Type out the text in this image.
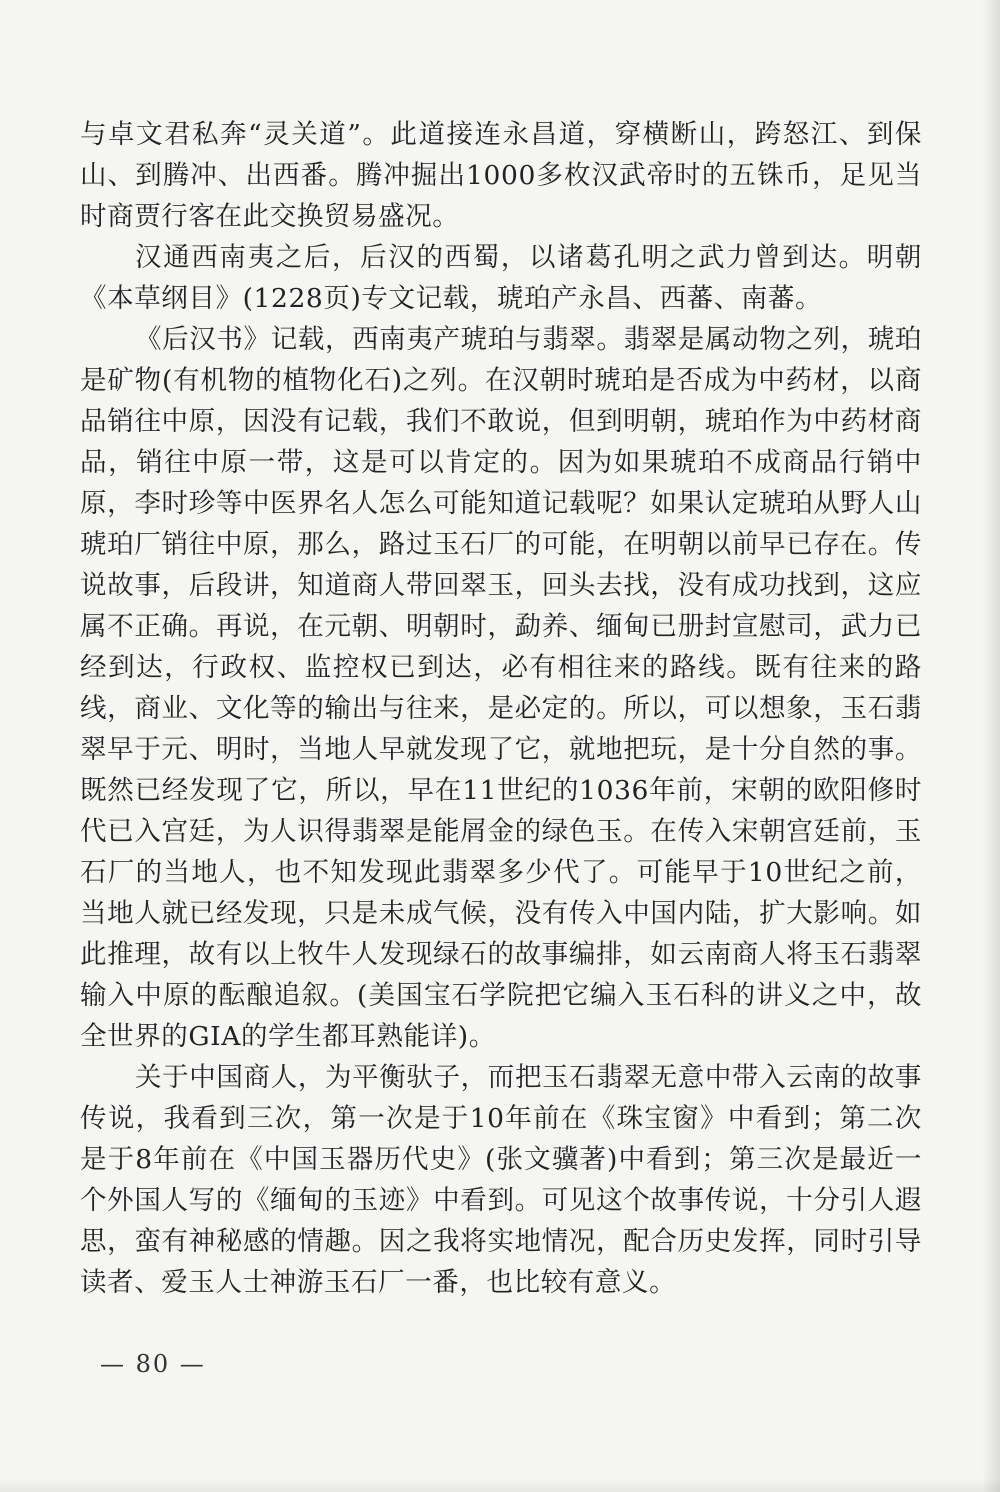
与卓文君私奔“灵关道”。此道接连永昌道，穿横断山，跨怒江、到保山、到腾冲、出西番。腾冲掘出1000多枚汉武帝时的五铢币，足见当时商贾行客在此交换贸易盛况。

汉通西南夷之后，后汉的西蜀，以诸葛孔明之武力曾到达。明朝《本草纲目》(1228页)专文记载，琥珀产永昌、西蕃、南蕃。

《后汉书》记载，西南夷产琥珀与翡翠。翡翠是属动物之列，琥珀是矿物(有机物的植物化石)之列。在汉朝时琥珀是否成为中药材，以商品销往中原，因没有记载，我们不敢说，但到明朝，琥珀作为中药材商品，销往中原一带，这是可以肯定的。因为如果琥珀不成商品行销中原，李时珍等中医界名人怎么可能知道记载呢？如果认定琥珀从野人山琥珀厂销往中原，那么，路过玉石厂的可能，在明朝以前早已存在。传说故事，后段讲，知道商人带回翠玉，回头去找，没有成功找到，这应属不正确。再说，在元朝、明朝时，勐养、缅甸已册封宣慰司，武力已经到达，行政权、监控权已到达，必有相往来的路线。既有往来的路线，商业、文化等的输出与往来，是必定的。所以，可以想象，玉石翡翠早于元、明时，当地人早就发现了它，就地把玩，是十分自然的事。既然已经发现了它，所以，早在11世纪的1036年前，宋朝的欧阳修时代已入宫廷，为人识得翡翠是能屑金的绿色玉。在传入宋朝宫廷前，玉石厂的当地人，也不知发现此翡翠多少代了。可能早于10世纪之前，当地人就已经发现，只是未成气候，没有传入中国内陆，扩大影响。如此推理，故有以上牧牛人发现绿石的故事编排，如云南商人将玉石翡翠输入中原的酝酿追叙。(美国宝石学院把它编入玉石科的讲义之中，故全世界的GIA的学生都耳熟能详)。

关于中国商人，为平衡驮子，而把玉石翡翠无意中带入云南的故事传说，我看到三次，第一次是于10年前在《珠宝窗》中看到；第二次是于8年前在《中国玉器历代史》(张文骥著)中看到；第三次是最近一个外国人写的《缅甸的玉迹》中看到。可见这个故事传说，十分引人遐思，蛮有神秘感的情趣。因之我将实地情况，配合历史发挥，同时引导读者、爱玉人士神游玉石厂一番，也比较有意义。

— 80 —
